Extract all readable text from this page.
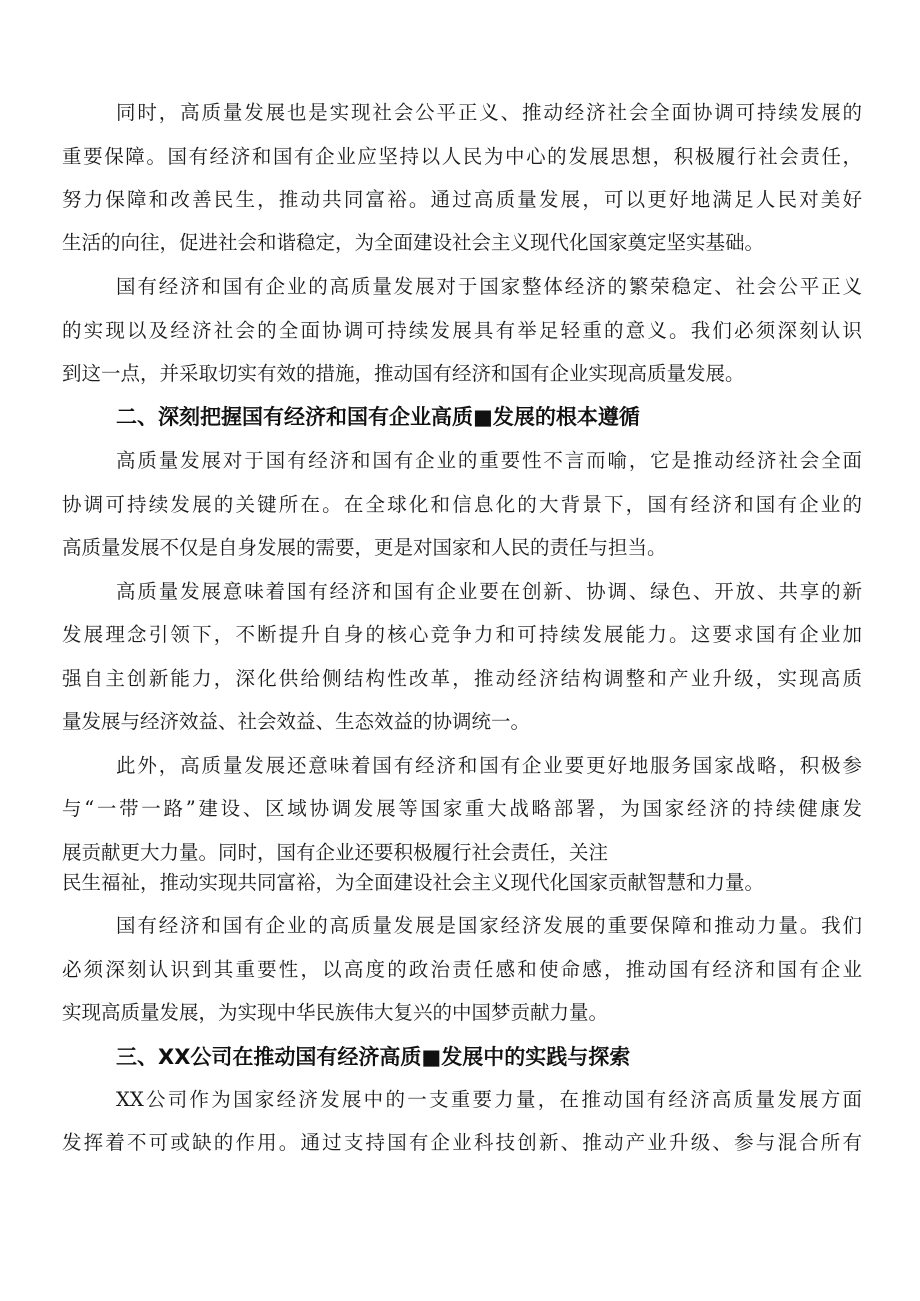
同时，高质量发展也是实现社会公平正义、推动经济社会全面协调可持续发展的

重要保障。国有经济和国有企业应坚持以人民为中心的发展思想，积极履行社会责任，

努力保障和改善民生，推动共同富裕。通过高质量发展，可以更好地满足人民对美好

生活的向往，促进社会和谐稳定，为全面建设社会主义现代化国家奠定坚实基础。

国有经济和国有企业的高质量发展对于国家整体经济的繁荣稳定、社会公平正义

的实现以及经济社会的全面协调可持续发展具有举足轻重的意义。我们必须深刻认识

到这一点，并采取切实有效的措施，推动国有经济和国有企业实现高质量发展。

二、深刻把握国有经济和国有企业高质■发展的根本遵循

高质量发展对于国有经济和国有企业的重要性不言而喻，它是推动经济社会全面

协调可持续发展的关键所在。在全球化和信息化的大背景下，国有经济和国有企业的

高质量发展不仅是自身发展的需要，更是对国家和人民的责任与担当。

高质量发展意味着国有经济和国有企业要在创新、协调、绿色、开放、共享的新

发展理念引领下，不断提升自身的核心竞争力和可持续发展能力。这要求国有企业加

强自主创新能力，深化供给侧结构性改革，推动经济结构调整和产业升级，实现高质

量发展与经济效益、社会效益、生态效益的协调统一。

此外，高质量发展还意味着国有经济和国有企业要更好地服务国家战略，积极参

与“一带一路”建设、区域协调发展等国家重大战略部署，为国家经济的持续健康发

展贡献更大力量。同时，国有企业还要积极履行社会责任，关注

民生福祉，推动实现共同富裕，为全面建设社会主义现代化国家贡献智慧和力量。

国有经济和国有企业的高质量发展是国家经济发展的重要保障和推动力量。我们

必须深刻认识到其重要性，以高度的政治责任感和使命感，推动国有经济和国有企业

实现高质量发展，为实现中华民族伟大复兴的中国梦贡献力量。

三、XX公司在推动国有经济高质■发展中的实践与探索

XX公司作为国家经济发展中的一支重要力量，在推动国有经济高质量发展方面

发挥着不可或缺的作用。通过支持国有企业科技创新、推动产业升级、参与混合所有
